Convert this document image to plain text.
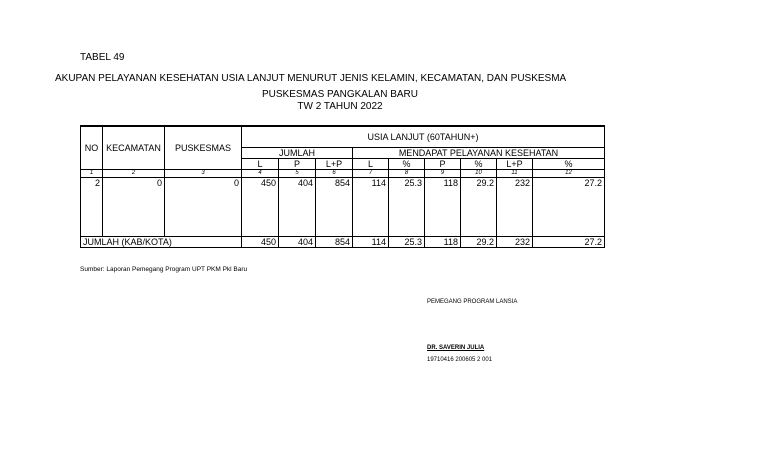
TABEL 49
AKUPAN PELAYANAN KESEHATAN USIA LANJUT MENURUT JENIS KELAMIN, KECAMATAN, DAN PUSKESMA
PUSKESMAS PANGKALAN BARU
TW 2 TAHUN 2022
NO	KECAMATAN	PUSKESMAS	USIA LANJUT (60TAHUN+)								
			JUMLAH			MENDAPAT PELAYANAN KESEHATAN					
			L	P	L+P	L	%	P	%	L+P	%
1	2	3	4	5	6	7	8	9	10	11	12
2	0	0	450	404	854	114	25.3	118	29.2	232	27.2
JUMLAH (KAB/KOTA)			450	404	854	114	25.3	118	29.2	232	27.2
Sumber: Laporan Pemegang Program UPT PKM Pkl Baru
PEMEGANG PROGRAM LANSIA
DR. SAVERIN JULIA
19710416 200605 2 001
